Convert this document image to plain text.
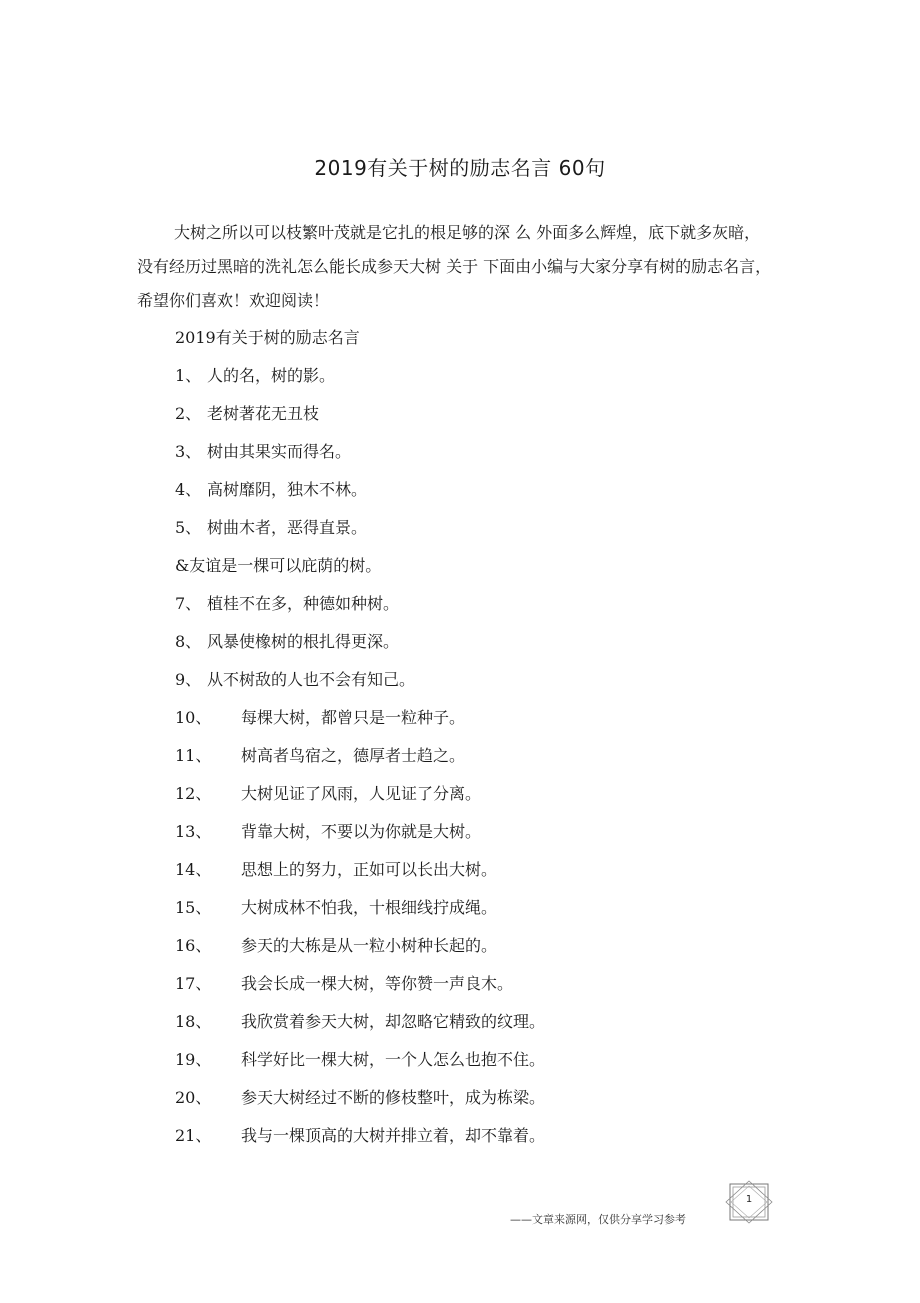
2019有关于树的励志名言 60句

大树之所以可以枝繁叶茂就是它扎的根足够的深 么 外面多么辉煌，底下就多灰暗，没有经历过黑暗的洗礼怎么能长成参天大树 关于 下面由小编与大家分享有树的励志名言，希望你们喜欢！欢迎阅读！

2019有关于树的励志名言
1、 人的名，树的影。
2、 老树著花无丑枝
3、 树由其果实而得名。
4、 高树靡阴，独木不林。
5、 树曲木者，恶得直景。
&友谊是一棵可以庇荫的树。
7、 植桂不在多，种德如种树。
8、 风暴使橡树的根扎得更深。
9、 从不树敌的人也不会有知己。
10、 每棵大树，都曾只是一粒种子。
11、 树高者鸟宿之，德厚者士趋之。
12、 大树见证了风雨，人见证了分离。
13、 背靠大树，不要以为你就是大树。
14、 思想上的努力，正如可以长出大树。
15、 大树成林不怕我，十根细线拧成绳。
16、 参天的大栋是从一粒小树种长起的。
17、 我会长成一棵大树，等你赞一声良木。
18、 我欣赏着参天大树，却忽略它精致的纹理。
19、 科学好比一棵大树，一个人怎么也抱不住。
20、 参天大树经过不断的修枝整叶，成为栋梁。
21、 我与一棵顶高的大树并排立着，却不靠着。
1
——文章来源网，仅供分享学习参考
